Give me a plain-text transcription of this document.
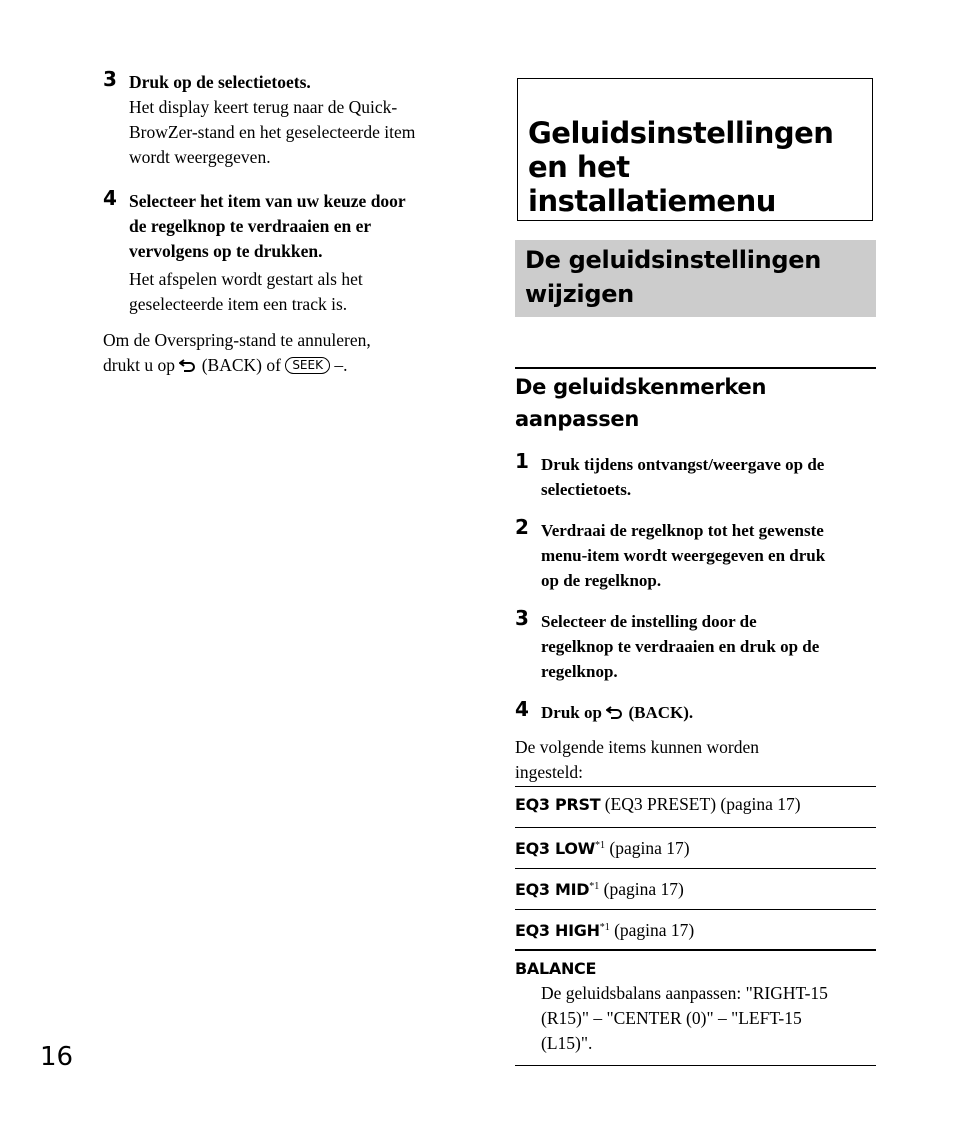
3 Druk op de selectietoets.
Het display keert terug naar de Quick-
BrowZer-stand en het geselecteerde item
wordt weergegeven.
4 Selecteer het item van uw keuze door
de regelknop te verdraaien en er
vervolgens op te drukken.
Het afspelen wordt gestart als het
geselecteerde item een track is.
Om de Overspring-stand te annuleren,
drukt u op (BACK) of SEEK –.
Geluidsinstellingen
en het
installatiemenu
De geluidsinstellingen
wijzigen
De geluidskenmerken
aanpassen
1 Druk tijdens ontvangst/weergave op de
selectietoets.
2 Verdraai de regelknop tot het gewenste
menu-item wordt weergegeven en druk
op de regelknop.
3 Selecteer de instelling door de
regelknop te verdraaien en druk op de
regelknop.
4 Druk op (BACK).
De volgende items kunnen worden
ingesteld:
EQ3 PRST (EQ3 PRESET) (pagina 17)
EQ3 LOW$^{*1}$ (pagina 17)
EQ3 MID$^{*1}$ (pagina 17)
EQ3 HIGH$^{*1}$ (pagina 17)
BALANCE
De geluidsbalans aanpassen: "RIGHT-15
(R15)" – "CENTER (0)" – "LEFT-15
(L15)".
16
